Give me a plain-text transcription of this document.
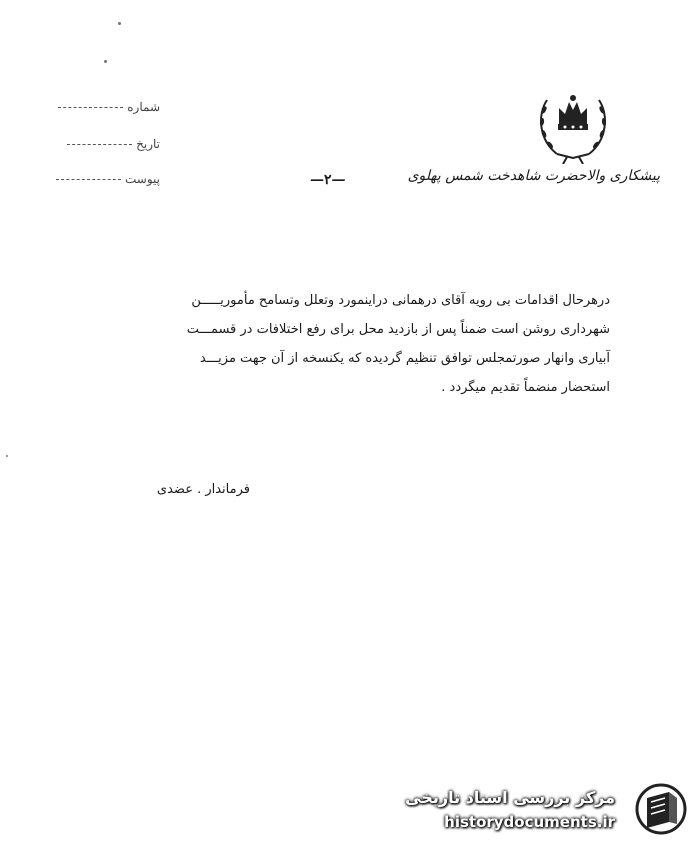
پیشکاری والاحضرت شاهدخت شمس پهلوی
شماره
تاریخ
پیوست	—۲—
درهرحال اقدامات بی رویه آقای درهمانی دراینمورد وتعلل وتسامح مأموریـــــن
شهرداری روشن است ضمناً پس از بازدید محل برای رفع اختلافات در قسمـــت
آبیاری وانهار صورتمجلس توافق تنظیم گردیده که یکنسخه از آن جهت مزیـــد
استحضار منضماً تقدیم میگردد .
فرماندار . عضدی
مرکز بررسی اسناد تاریخی
historydocuments.ir
